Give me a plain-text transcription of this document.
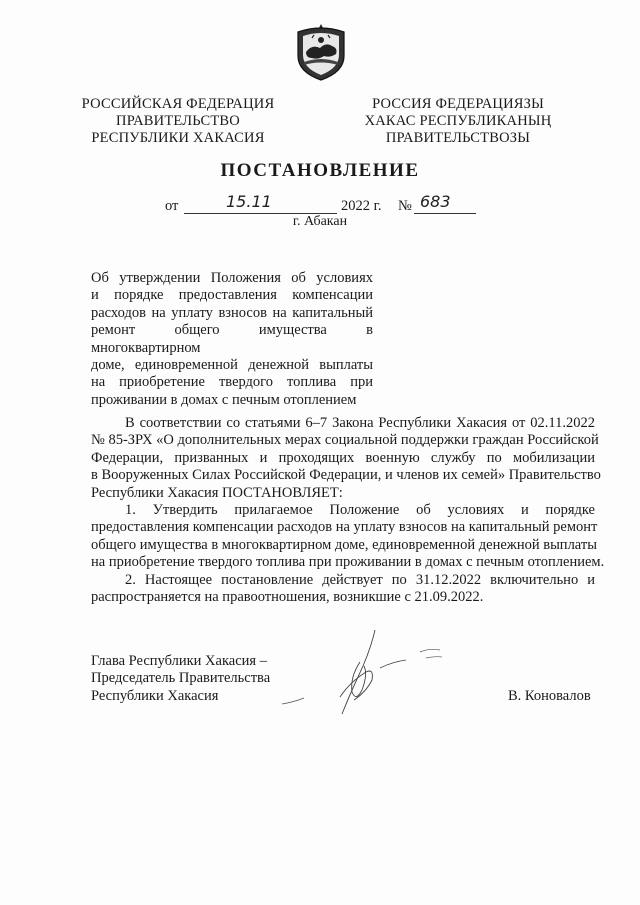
РОССИЙСКАЯ ФЕДЕРАЦИЯ
ПРАВИТЕЛЬСТВО
РЕСПУБЛИКИ ХАКАСИЯ
РОССИЯ ФЕДЕРАЦИЯЗЫ
ХАКАС РЕСПУБЛИКАНЫҢ
ПРАВИТЕЛЬСТВОЗЫ
ПОСТАНОВЛЕНИЕ
от	15.11	2022 г. № 683
г. Абакан
Об утверждении Положения об условиях
и порядке предоставления компенсации
расходов на уплату взносов на капитальный
ремонт общего имущества в многоквартирном
доме, единовременной денежной выплаты
на приобретение твердого топлива при
проживании в домах с печным отоплением
В соответствии со статьями 6–7 Закона Республики Хакасия от 02.11.2022
№ 85-ЗРХ «О дополнительных мерах социальной поддержки граждан Российской
Федерации, призванных и проходящих военную службу по мобилизации
в Вооруженных Силах Российской Федерации, и членов их семей» Правительство
Республики Хакасия ПОСТАНОВЛЯЕТ:
1. Утвердить прилагаемое Положение об условиях и порядке
предоставления компенсации расходов на уплату взносов на капитальный ремонт
общего имущества в многоквартирном доме, единовременной денежной выплаты
на приобретение твердого топлива при проживании в домах с печным отоплением.
2. Настоящее постановление действует по 31.12.2022 включительно и
распространяется на правоотношения, возникшие с 21.09.2022.
Глава Республики Хакасия –
Председатель Правительства
Республики Хакасия	В. Коновалов
